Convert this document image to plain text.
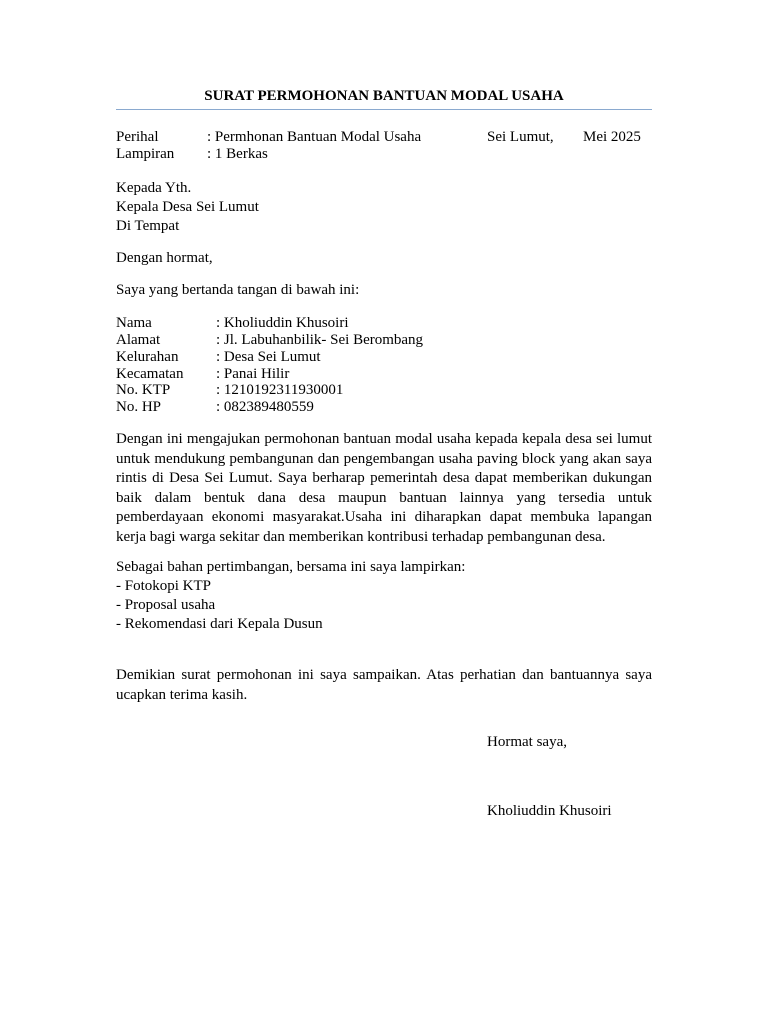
SURAT PERMOHONAN BANTUAN MODAL USAHA
Perihal	: Permhonan Bantuan Modal Usaha	Sei Lumut, Mei 2025
Lampiran : 1 Berkas
Kepada Yth.
Kepala Desa Sei Lumut
Di Tempat
Dengan hormat,
Saya yang bertanda tangan di bawah ini:
Nama	: Kholiuddin Khusoiri
Alamat	: Jl. Labuhanbilik- Sei Berombang
Kelurahan	: Desa Sei Lumut
Kecamatan : Panai Hilir
No. KTP	: 1210192311930001
No. HP	: 082389480559
Dengan ini mengajukan permohonan bantuan modal usaha kepada kepala desa sei lumut untuk mendukung pembangunan dan pengembangan usaha paving block yang akan saya rintis di Desa Sei Lumut. Saya berharap pemerintah desa dapat memberikan dukungan baik dalam bentuk dana desa maupun bantuan lainnya yang tersedia untuk pemberdayaan ekonomi masyarakat.Usaha ini diharapkan dapat membuka lapangan kerja bagi warga sekitar dan memberikan kontribusi terhadap pembangunan desa.
Sebagai bahan pertimbangan, bersama ini saya lampirkan:
- Fotokopi KTP
- Proposal usaha
- Rekomendasi dari Kepala Dusun
Demikian surat permohonan ini saya sampaikan. Atas perhatian dan bantuannya saya ucapkan terima kasih.
Hormat saya,
Kholiuddin Khusoiri
